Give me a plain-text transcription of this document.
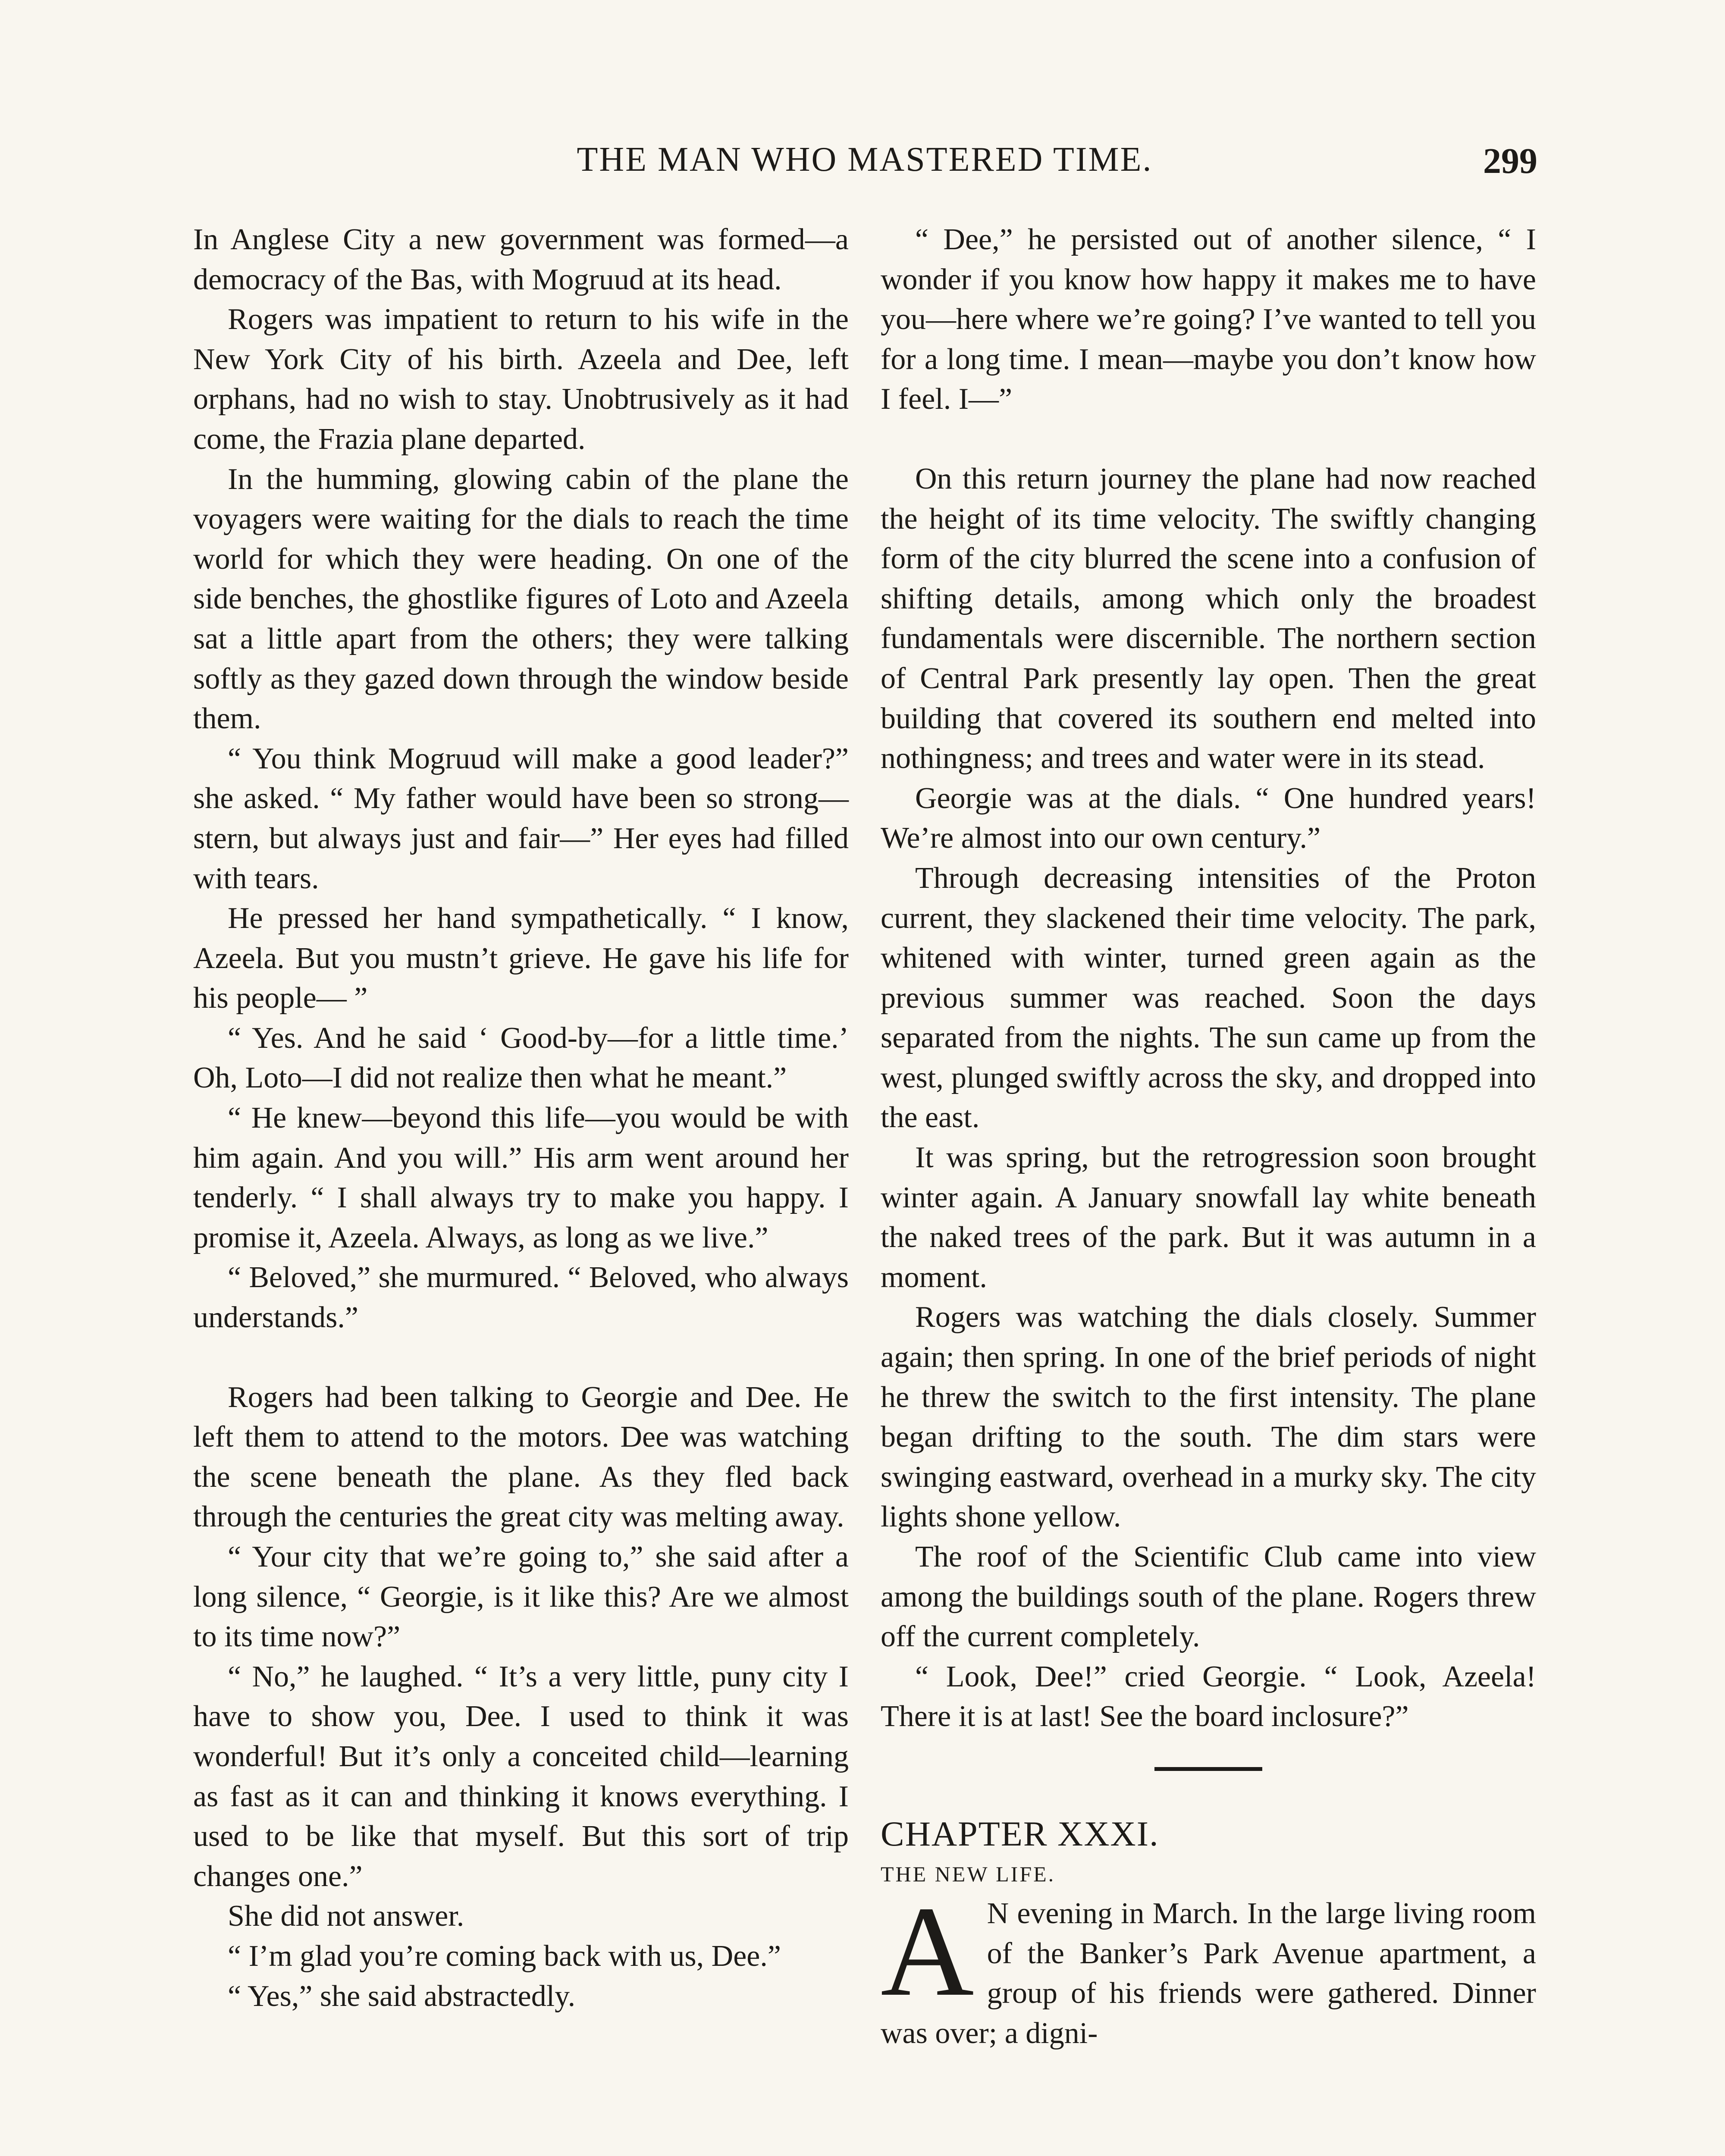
THE MAN WHO MASTERED TIME.	299

In Anglese City a new government was formed—a democracy of the Bas, with Mogruud at its head.

Rogers was impatient to return to his wife in the New York City of his birth. Azeela and Dee, left orphans, had no wish to stay. Unobtrusively as it had come, the Frazia plane departed.

In the humming, glowing cabin of the plane the voyagers were waiting for the dials to reach the time world for which they were heading. On one of the side benches, the ghostlike figures of Loto and Azeela sat a little apart from the others; they were talking softly as they gazed down through the window beside them.

“ You think Mogruud will make a good leader?” she asked. “ My father would have been so strong—stern, but always just and fair—” Her eyes had filled with tears.

He pressed her hand sympathetically. “ I know, Azeela. But you mustn’t grieve. He gave his life for his people— ”

“ Yes. And he said ‘ Good-by—for a little time.’ Oh, Loto—I did not realize then what he meant.”

“ He knew—beyond this life—you would be with him again. And you will.” His arm went around her tenderly. “ I shall always try to make you happy. I promise it, Azeela. Always, as long as we live.”

“ Beloved,” she murmured. “ Beloved, who always understands.”

Rogers had been talking to Georgie and Dee. He left them to attend to the motors. Dee was watching the scene beneath the plane. As they fled back through the centuries the great city was melting away.

“ Your city that we’re going to,” she said after a long silence, “ Georgie, is it like this? Are we almost to its time now?”

“ No,” he laughed. “ It’s a very little, puny city I have to show you, Dee. I used to think it was wonderful! But it’s only a conceited child—learning as fast as it can and thinking it knows everything. I used to be like that myself. But this sort of trip changes one.”

She did not answer.

“ I’m glad you’re coming back with us, Dee.”

“ Yes,” she said abstractedly.

“ Dee,” he persisted out of another silence, “ I wonder if you know how happy it makes me to have you—here where we’re going? I’ve wanted to tell you for a long time. I mean—maybe you don’t know how I feel. I—”

On this return journey the plane had now reached the height of its time velocity. The swiftly changing form of the city blurred the scene into a confusion of shifting details, among which only the broadest fundamentals were discernible. The northern section of Central Park presently lay open. Then the great building that covered its southern end melted into nothingness; and trees and water were in its stead.

Georgie was at the dials. “ One hundred years! We’re almost into our own century.”

Through decreasing intensities of the Proton current, they slackened their time velocity. The park, whitened with winter, turned green again as the previous summer was reached. Soon the days separated from the nights. The sun came up from the west, plunged swiftly across the sky, and dropped into the east.

It was spring, but the retrogression soon brought winter again. A January snowfall lay white beneath the naked trees of the park. But it was autumn in a moment.

Rogers was watching the dials closely. Summer again; then spring. In one of the brief periods of night he threw the switch to the first intensity. The plane began drifting to the south. The dim stars were swinging eastward, overhead in a murky sky. The city lights shone yellow.

The roof of the Scientific Club came into view among the buildings south of the plane. Rogers threw off the current completely.

“ Look, Dee!” cried Georgie. “ Look, Azeela! There it is at last! See the board inclosure?”

CHAPTER XXXI.

THE NEW LIFE.

A N evening in March. In the large living room of the Banker’s Park Avenue apartment, a group of his friends were gathered. Dinner was over; a digni-
